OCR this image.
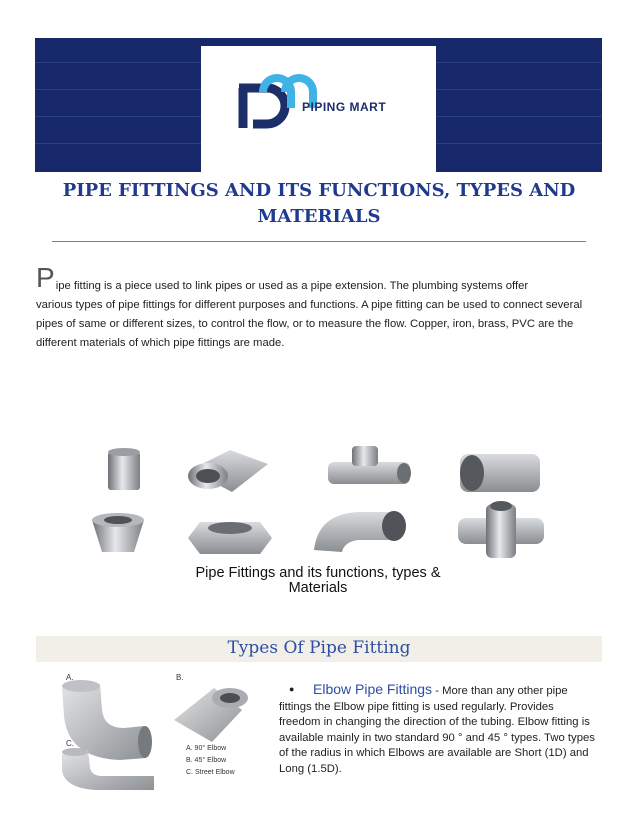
PIPING MART
PIPE FITTINGS AND ITS FUNCTIONS, TYPES AND
MATERIALS
P ipe fitting is a piece used to link pipes or used as a pipe extension. The plumbing systems offer
various types of pipe fittings for different purposes and functions. A pipe fitting can be used to connect several pipes of same or different sizes, to control the flow, or to measure the flow. Copper, iron, brass, PVC are the different materials of which pipe fittings are made.
Pipe Fittings and its functions, types &
Materials
Types Of Pipe Fitting
A.	B.
C.
A. 90° Elbow
B. 45° Elbow
C. Street Elbow
● Elbow Pipe Fittings - More than any other pipe fittings the Elbow pipe fitting is used regularly. Provides freedom in changing the direction of the tubing. Elbow fitting is available mainly in two standard 90 ° and 45 ° types. Two types of the radius in which Elbows are available are Short (1D) and Long (1.5D).
